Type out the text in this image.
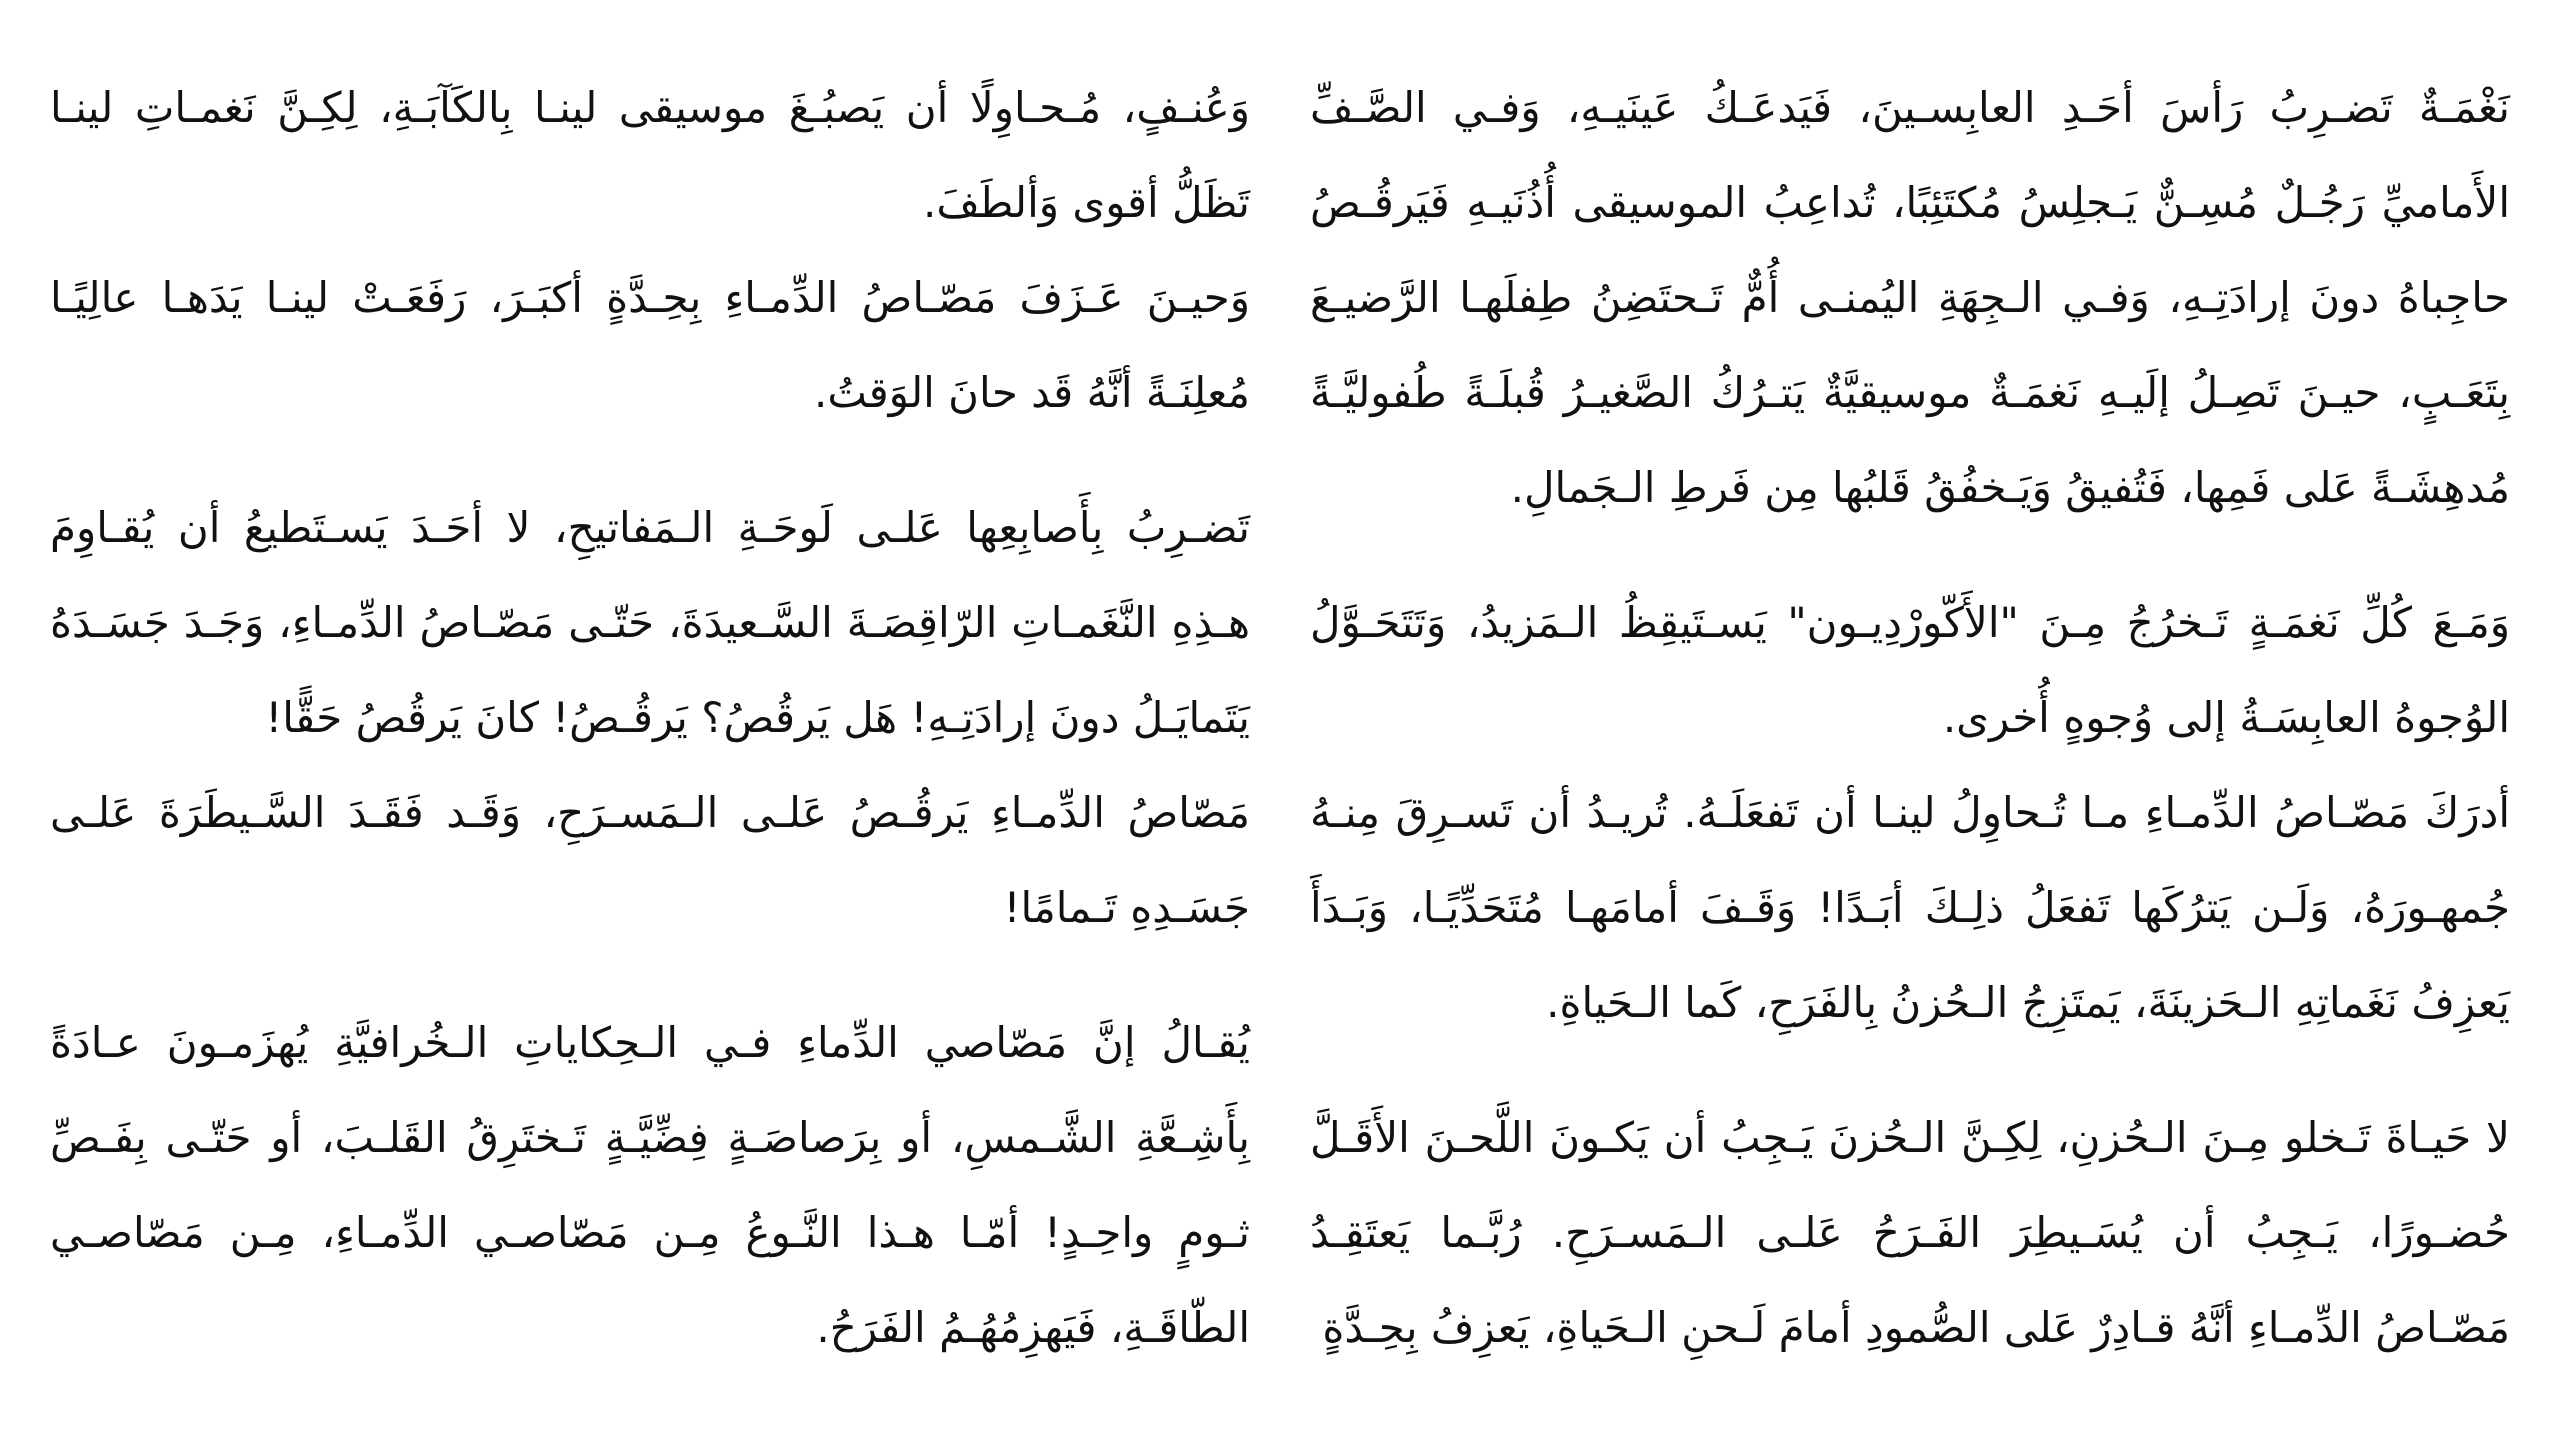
نَغْمَـةٌ تَضـرِبُ رَأسَ أحَـدِ العابِسـينَ، فَيَدعَـكُ عَينَيـهِ، وَفـي الصَّـفِّ الأَماميِّ رَجُـلٌ مُسِـنٌّ يَـجلِسُ مُكتَئِبًا، تُداعِبُ الموسيقى أُذُنَيـهِ فَيَرقُـصُ حاجِباهُ دونَ إرادَتِـهِ، وَفـي الـجِهَةِ اليُمنـى أُمٌّ تَـحتَضِنُ طِفلَهـا الرَّضيـعَ بِتَعَـبٍ، حيـنَ تَصِـلُ إلَيـهِ نَغمَـةٌ موسيقيَّةٌ يَتـرُكُ الصَّغيـرُ قُبلَـةً طُفوليَّـةً مُدهِشَـةً عَلى فَمِها، فَتُفيقُ وَيَـخفُقُ قَلبُها مِن فَرطِ الـجَمالِ.

وَمَـعَ كُلِّ نَغمَـةٍ تَـخرُجُ مِـنَ "الأَكّورْدِيـون" يَسـتَيقِظُ الـمَزيدُ، وَتَتَحَـوَّلُ الوُجوهُ العابِسَـةُ إلى وُجوهٍ أُخرى.

أدرَكَ مَصّـاصُ الدِّمـاءِ مـا تُـحاوِلُ لينـا أن تَفعَلَـهُ. تُريـدُ أن تَسـرِقَ مِنـهُ جُمهـورَهُ، وَلَـن يَترُكَها تَفعَلُ ذلِـكَ أبَـدًا! وَقَـفَ أمامَهـا مُتَحَدِّيًـا، وَبَـدَأَ يَعزِفُ نَغَماتِهِ الـحَزينَةَ، يَمتَزِجُ الـحُزنُ بِالفَرَحِ، كَما الـحَياةِ.

لا حَيـاةَ تَـخلو مِـنَ الـحُزنِ، لِكِـنَّ الـحُزنَ يَـجِبُ أن يَكـونَ اللَّحـنَ الأَقَـلَّ حُضـورًا، يَـجِبُ أن يُسَـيطِرَ الفَـرَحُ عَلـى الـمَسـرَحِ. رُبَّـما يَعتَقِـدُ مَصّـاصُ الدِّمـاءِ أنَّهُ قـادِرٌ عَلى الصُّمودِ أمامَ لَـحنِ الـحَياةِ، يَعزِفُ بِحِـدَّةٍ

وَعُنـفٍ، مُـحـاوِلًا أن يَصبُـغَ موسيقى لينـا بِالكَآبَـةِ، لِكِـنَّ نَغمـاتِ لينـا تَظَلُّ أقوى وَألطَفَ.

وَحيـنَ عَـزَفَ مَصّـاصُ الدِّمـاءِ بِحِـدَّةٍ أكبَـرَ، رَفَعَـتْ لينـا يَدَهـا عالِيًـا مُعلِنَـةً أنَّهُ قَد حانَ الوَقتُ.

تَضـرِبُ بِأَصابِعِها عَلـى لَوحَـةِ الـمَفاتيحِ، لا أحَـدَ يَسـتَطيعُ أن يُقـاوِمَ هـذِهِ النَّغَمـاتِ الرّاقِصَـةَ السَّـعيدَةَ، حَتّـى مَصّـاصُ الدِّمـاءِ، وَجَـدَ جَسَـدَهُ يَتَمايَـلُ دونَ إرادَتِـهِ! هَل يَرقُصُ؟ يَرقُـصُ! كانَ يَرقُصُ حَقًّا!

مَصّاصُ الدِّمـاءِ يَرقُـصُ عَلـى الـمَسـرَحِ، وَقَـد فَقَـدَ السَّـيطَرَةَ عَلـى جَسَـدِهِ تَـمامًا!

يُقـالُ إنَّ مَصّاصي الدِّماءِ فـي الـحِكاياتِ الـخُرافيَّةِ يُهزَمـونَ عـادَةً بِأَشِـعَّةِ الشَّـمسِ، أو بِرَصاصَـةٍ فِضِّيَّـةٍ تَـختَرِقُ القَلـبَ، أو حَتّـى بِفَـصِّ ثـومٍ واحِـدٍ! أمّـا هـذا النَّـوعُ مِـن مَصّاصـي الدِّمـاءِ، مِـن مَصّاصـي الطّاقَـةِ، فَيَهزِمُهُـمُ الفَرَحُ.
